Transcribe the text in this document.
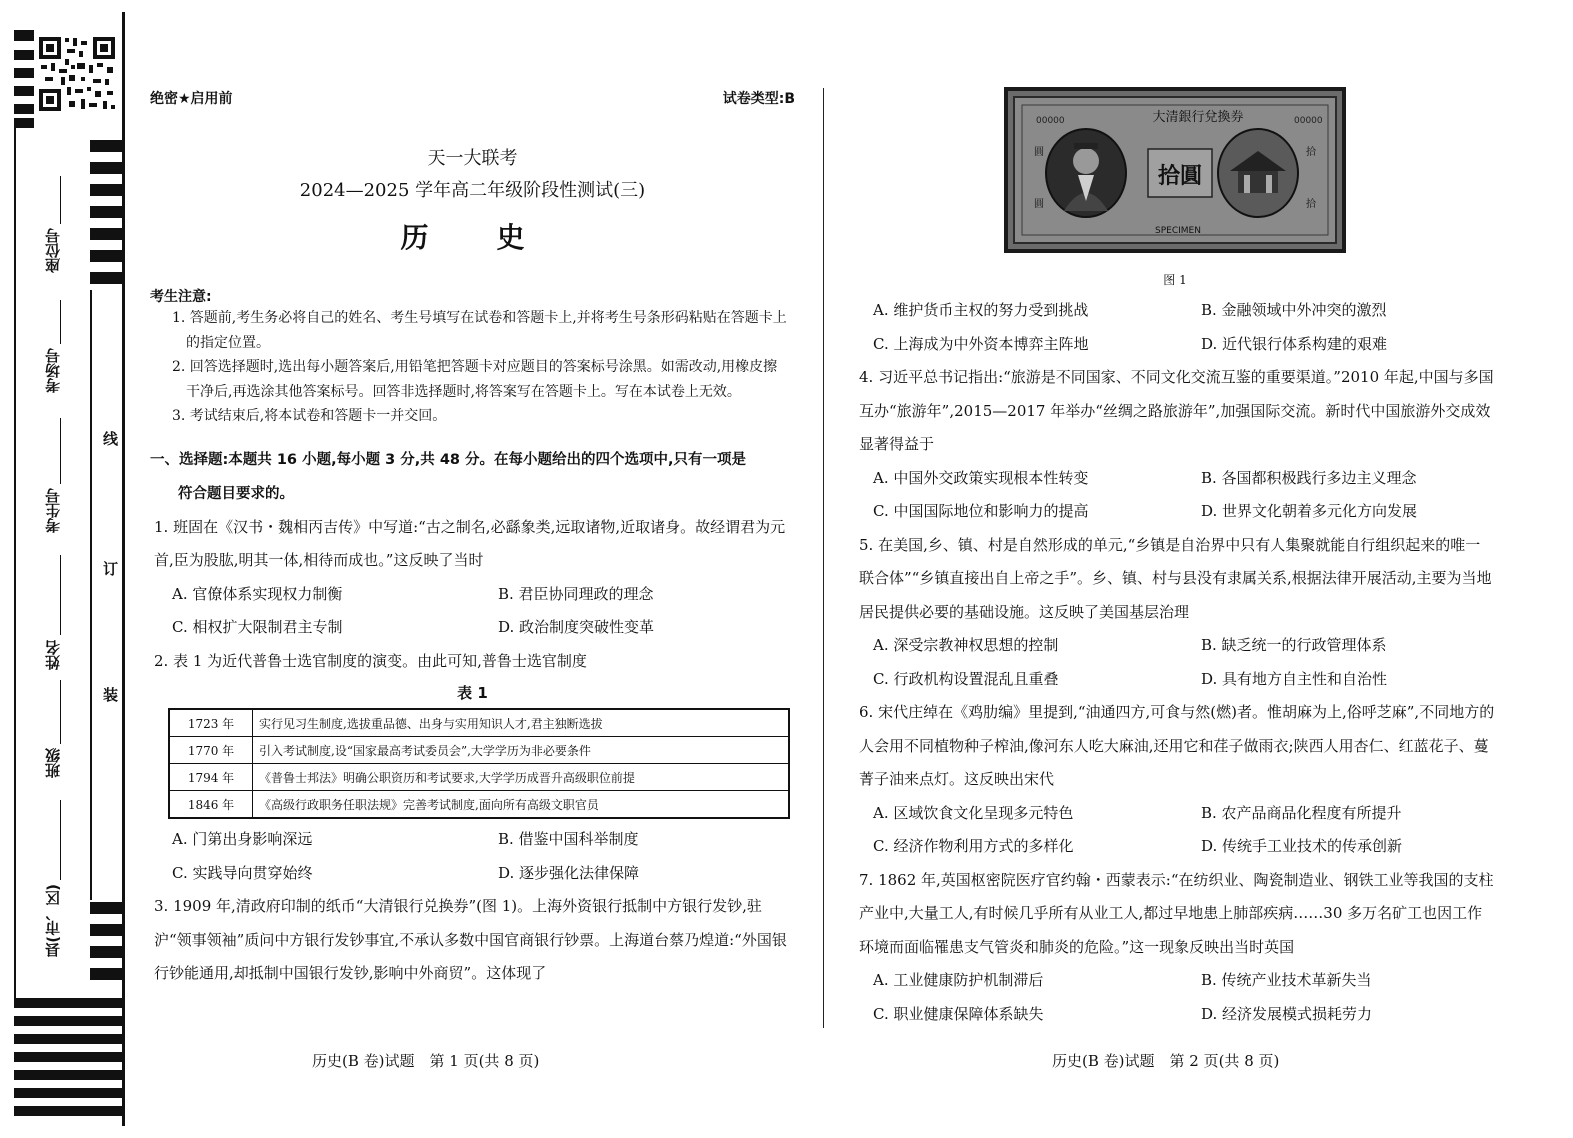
座位号
考场号
考生号
姓名
班级
县(市、区)
线
订
装
绝密★启用前	试卷类型:B
天一大联考
2024—2025 学年高二年级阶段性测试(三)
历　史
考生注意:
1. 答题前,考生务必将自己的姓名、考生号填写在试卷和答题卡上,并将考生号条形码粘贴在答题卡上的指定位置。
2. 回答选择题时,选出每小题答案后,用铅笔把答题卡对应题目的答案标号涂黑。如需改动,用橡皮擦干净后,再选涂其他答案标号。回答非选择题时,将答案写在答题卡上。写在本试卷上无效。
3. 考试结束后,将本试卷和答题卡一并交回。
一、选择题:本题共 16 小题,每小题 3 分,共 48 分。在每小题给出的四个选项中,只有一项是
符合题目要求的。
1. 班固在《汉书・魏相丙吉传》中写道:“古之制名,必繇象类,远取诸物,近取诸身。故经谓君为元首,臣为股肱,明其一体,相待而成也。”这反映了当时
A. 官僚体系实现权力制衡	B. 君臣协同理政的理念
C. 相权扩大限制君主专制	D. 政治制度突破性变革
2. 表 1 为近代普鲁士选官制度的演变。由此可知,普鲁士选官制度
表 1
1723 年	实行见习生制度,选拔重品德、出身与实用知识人才,君主独断选拔
1770 年	引入考试制度,设“国家最高考试委员会”,大学学历为非必要条件
1794 年	《普鲁士邦法》明确公职资历和考试要求,大学学历成晋升高级职位前提
1846 年	《高级行政职务任职法规》完善考试制度,面向所有高级文职官员
A. 门第出身影响深远	B. 借鉴中国科举制度
C. 实践导向贯穿始终	D. 逐步强化法律保障
3. 1909 年,清政府印制的纸币“大清银行兑换券”(图 1)。上海外资银行抵制中方银行发钞,驻沪“领事领袖”质问中方银行发钞事宜,不承认多数中国官商银行钞票。上海道台蔡乃煌道:“外国银行钞能通用,却抵制中国银行发钞,影响中外商贸”。这体现了
历史(B 卷)试题　第 1 页(共 8 页)
大清銀行兌換券
00000	00000
拾圓
圓	拾
圓	拾
SPECIMEN
图 1
A. 维护货币主权的努力受到挑战	B. 金融领域中外冲突的激烈
C. 上海成为中外资本博弈主阵地	D. 近代银行体系构建的艰难
4. 习近平总书记指出:“旅游是不同国家、不同文化交流互鉴的重要渠道。”2010 年起,中国与多国互办“旅游年”,2015—2017 年举办“丝绸之路旅游年”,加强国际交流。新时代中国旅游外交成效显著得益于
A. 中国外交政策实现根本性转变	B. 各国都积极践行多边主义理念
C. 中国国际地位和影响力的提高	D. 世界文化朝着多元化方向发展
5. 在美国,乡、镇、村是自然形成的单元,“乡镇是自治界中只有人集聚就能自行组织起来的唯一联合体”“乡镇直接出自上帝之手”。乡、镇、村与县没有隶属关系,根据法律开展活动,主要为当地居民提供必要的基础设施。这反映了美国基层治理
A. 深受宗教神权思想的控制	B. 缺乏统一的行政管理体系
C. 行政机构设置混乱且重叠	D. 具有地方自主性和自治性
6. 宋代庄绰在《鸡肋编》里提到,“油通四方,可食与然(燃)者。惟胡麻为上,俗呼芝麻”,不同地方的人会用不同植物种子榨油,像河东人吃大麻油,还用它和荏子做雨衣;陕西人用杏仁、红蓝花子、蔓菁子油来点灯。这反映出宋代
A. 区域饮食文化呈现多元特色	B. 农产品商品化程度有所提升
C. 经济作物利用方式的多样化	D. 传统手工业技术的传承创新
7. 1862 年,英国枢密院医疗官约翰・西蒙表示:“在纺织业、陶瓷制造业、钢铁工业等我国的支柱产业中,大量工人,有时候几乎所有从业工人,都过早地患上肺部疾病……30 多万名矿工也因工作环境而面临罹患支气管炎和肺炎的危险。”这一现象反映出当时英国
A. 工业健康防护机制滞后	B. 传统产业技术革新失当
C. 职业健康保障体系缺失	D. 经济发展模式损耗劳力
历史(B 卷)试题　第 2 页(共 8 页)
